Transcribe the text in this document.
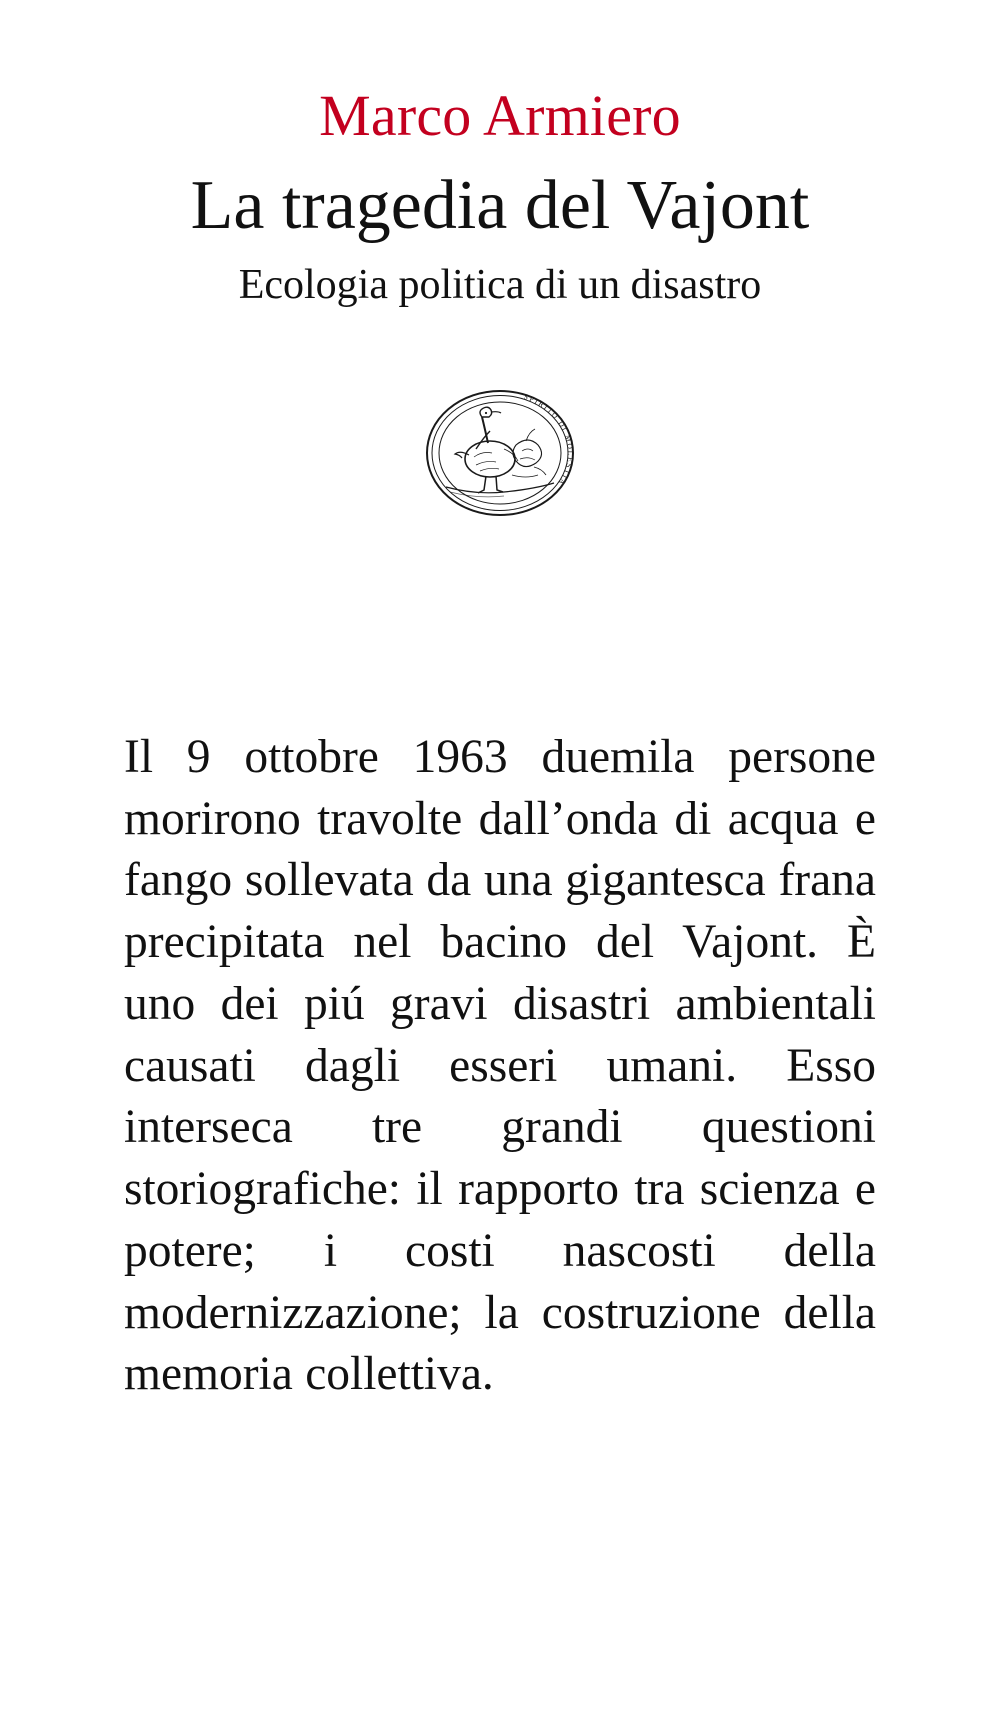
Marco Armiero
La tragedia del Vajont
Ecologia politica di un disastro
SPIRITO DI MOLESTIA
Il 9 ottobre 1963 duemila persone morirono travolte dall’onda di acqua e fango sollevata da una gigantesca frana precipitata nel bacino del Vajont. È uno dei piú gravi disastri ambientali causati dagli esseri umani. Esso interseca tre grandi questioni storiografiche: il rapporto tra scienza e potere; i costi nascosti della modernizzazione; la costruzione della memoria collettiva.
